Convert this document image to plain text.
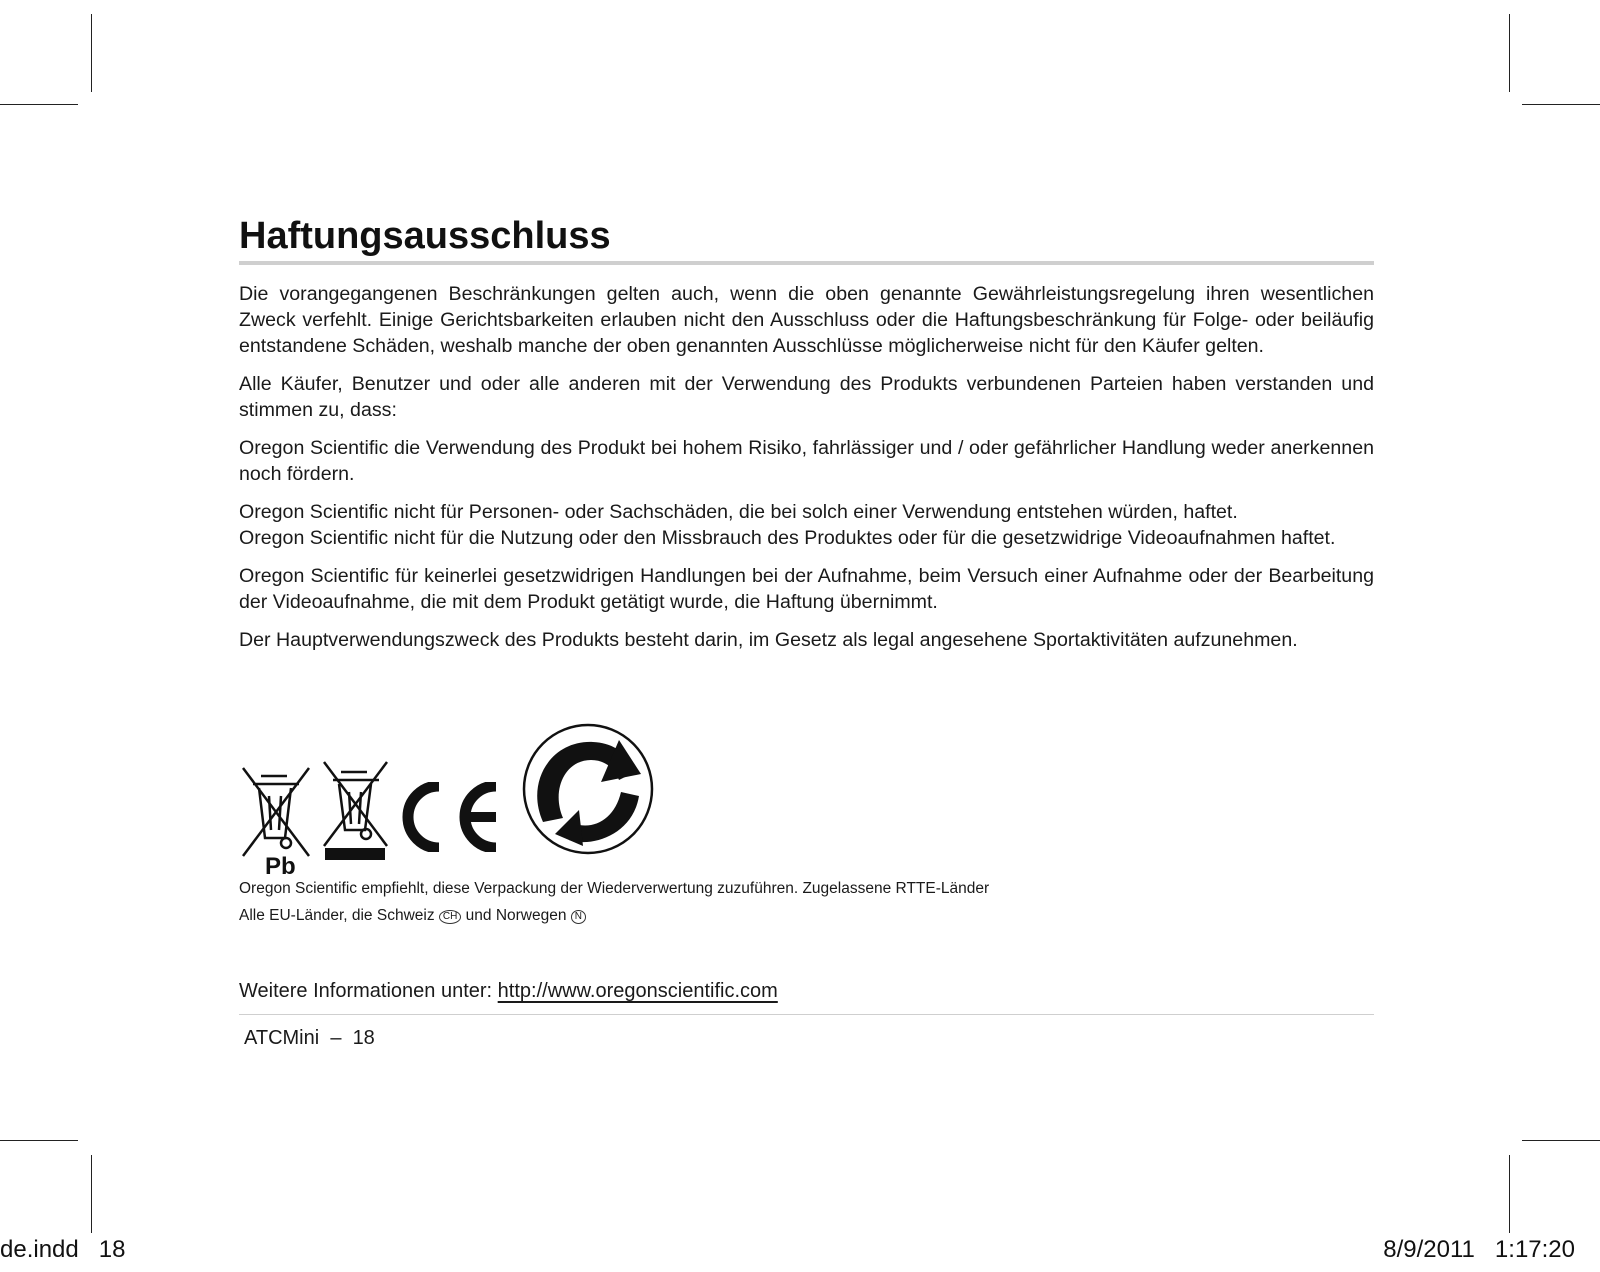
Haftungsausschluss

Die vorangegangenen Beschränkungen gelten auch, wenn die oben genannte Gewährleistungsregelung ihren wesentlichen Zweck verfehlt. Einige Gerichtsbarkeiten erlauben nicht den Ausschluss oder die Haftungsbeschränkung für Folge- oder beiläufig entstandene Schäden, weshalb manche der oben genannten Ausschlüsse möglicherweise nicht für den Käufer gelten.

Alle Käufer, Benutzer und oder alle anderen mit der Verwendung des Produkts verbundenen Parteien haben verstanden und stimmen zu, dass:

Oregon Scientific die Verwendung des Produkt bei hohem Risiko, fahrlässiger und / oder gefährlicher Handlung weder anerkennen noch fördern.

Oregon Scientific nicht für Personen- oder Sachschäden, die bei solch einer Verwendung entstehen würden, haftet.

Oregon Scientific nicht für die Nutzung oder den Missbrauch des Produktes oder für die gesetzwidrige Videoaufnahmen haftet.

Oregon Scientific für keinerlei gesetzwidrigen Handlungen bei der Aufnahme, beim Versuch einer Aufnahme oder der Bearbeitung der Videoaufnahme, die mit dem Produkt getätigt wurde, die Haftung übernimmt.

Der Hauptverwendungszweck des Produkts besteht darin, im Gesetz als legal angesehene Sportaktivitäten aufzunehmen.

Pb
Oregon Scientific empfiehlt, diese Verpackung der Wiederverwertung zuzuführen. Zugelassene RTTE-Länder
Alle EU-Länder, die Schweiz CH und Norwegen N
Weitere Informationen unter: http://www.oregonscientific.com
ATCMini – 18
de.indd 18	8/9/2011 1:17:20
